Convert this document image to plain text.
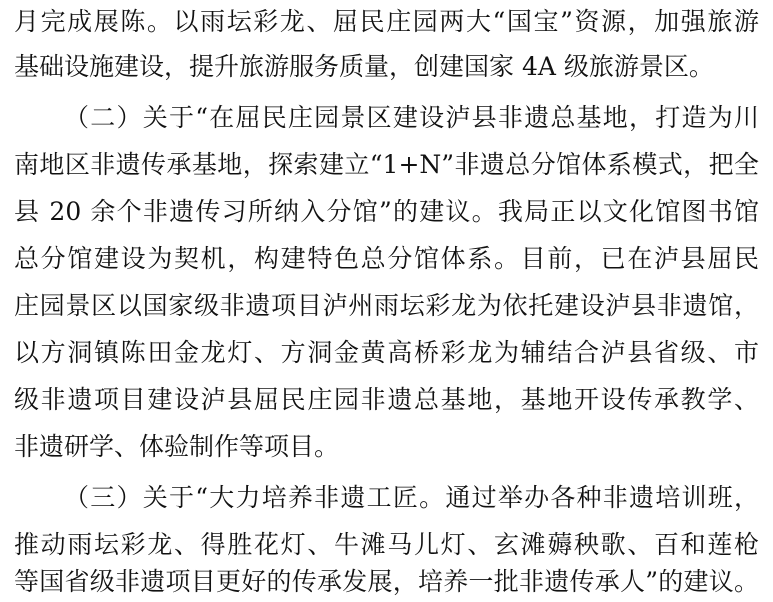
月完成展陈。以雨坛彩龙、屈民庄园两大“国宝”资源，加强旅游
基础设施建设，提升旅游服务质量，创建国家 4A 级旅游景区。
（二）关于“在屈民庄园景区建设泸县非遗总基地，打造为川
南地区非遗传承基地，探索建立“1+N”非遗总分馆体系模式，把全
县 20 余个非遗传习所纳入分馆”的建议。我局正以文化馆图书馆
总分馆建设为契机，构建特色总分馆体系。目前，已在泸县屈民
庄园景区以国家级非遗项目泸州雨坛彩龙为依托建设泸县非遗馆，
以方洞镇陈田金龙灯、方洞金黄高桥彩龙为辅结合泸县省级、市
级非遗项目建设泸县屈民庄园非遗总基地，基地开设传承教学、
非遗研学、体验制作等项目。
（三）关于“大力培养非遗工匠。通过举办各种非遗培训班，
推动雨坛彩龙、得胜花灯、牛滩马儿灯、玄滩薅秧歌、百和莲枪
等国省级非遗项目更好的传承发展，培养一批非遗传承人”的建议。
